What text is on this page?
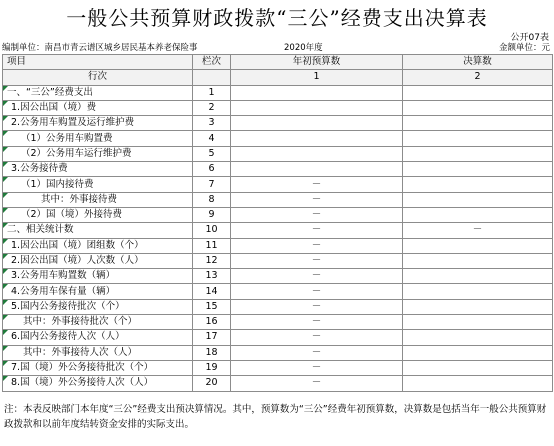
一般公共预算财政拨款“三公”经费支出决算表
公开07表
编制单位：南昌市青云谱区城乡居民基本养老保险事	2020年度	金额单位：元
项目	栏次	年初预算数	决算数
行次		1	2
一、“三公”经费支出	1		
1.因公出国（境）费	2		
2.公务用车购置及运行维护费	3		
（1）公务用车购置费	4		
（2）公务用车运行维护费	5		
3.公务接待费	6		
（1）国内接待费	7	－	
其中：外事接待费	8	－	
（2）国（境）外接待费	9	－	
二、相关统计数	10	－	－
1.因公出国（境）团组数（个）	11	－	
2.因公出国（境）人次数（人）	12	－	
3.公务用车购置数（辆）	13	－	
4.公务用车保有量（辆）	14	－	
5.国内公务接待批次（个）	15	－	
其中：外事接待批次（个）	16	－	
6.国内公务接待人次（人）	17	－	
其中：外事接待人次（人）	18	－	
7.国（境）外公务接待批次（个）	19	－	
8.国（境）外公务接待人次（人）	20	－	
注：本表反映部门本年度“三公”经费支出预决算情况。其中，预算数为“三公”经费年初预算数，决算数是包括当年一般公共预算财政拨款和以前年度结转资金安排的实际支出。
